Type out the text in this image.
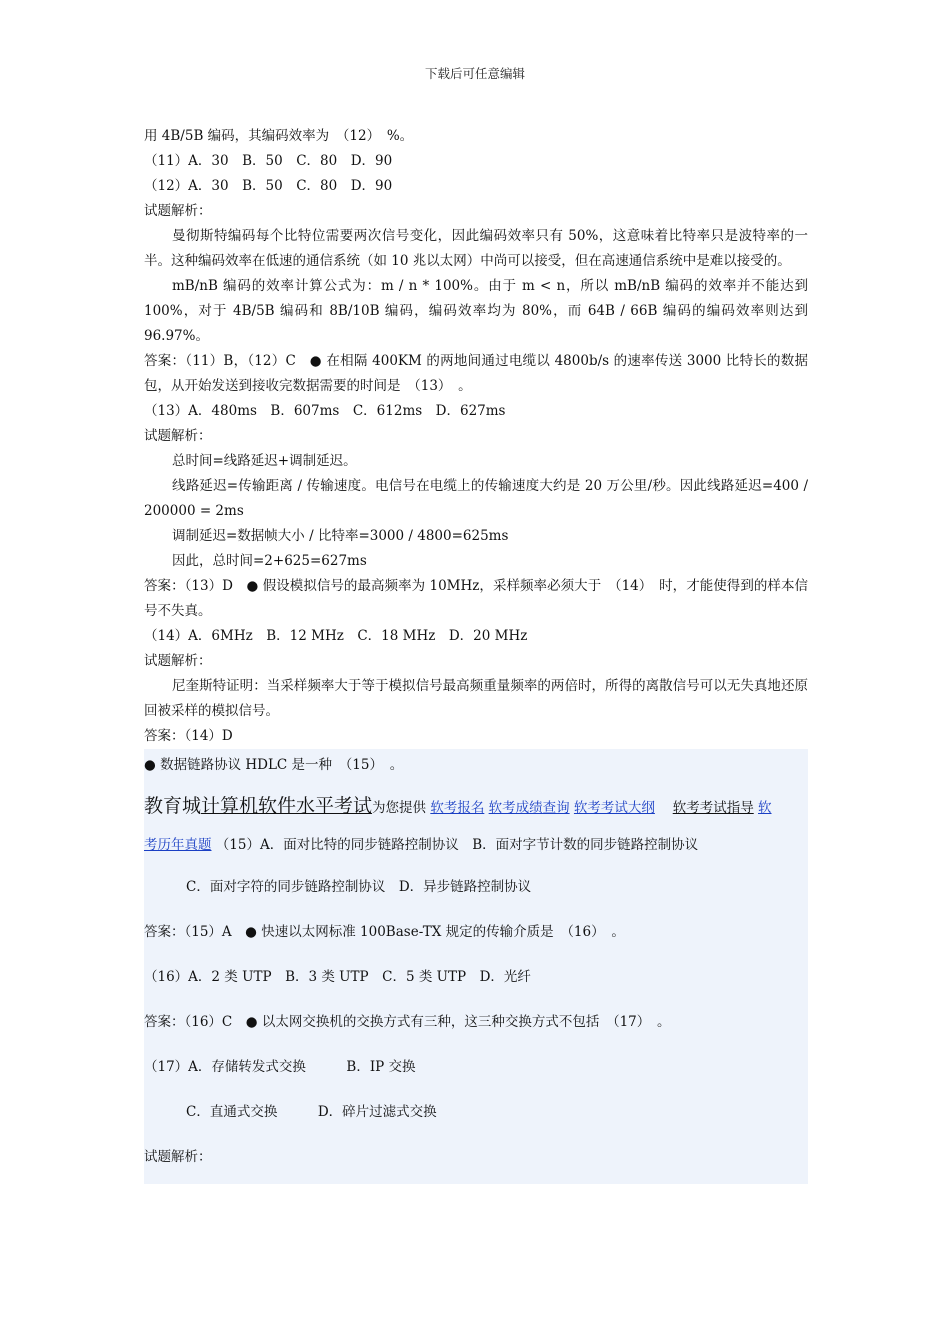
下载后可任意编辑

用 4B/5B 编码，其编码效率为　（12）　%。

（11）A．30　B．50　C．80　D．90

（12）A．30　B．50　C．80　D．90

试题解析：

曼彻斯特编码每个比特位需要两次信号变化，因此编码效率只有 50%，这意味着比特率只是波特率的一半。这种编码效率在低速的通信系统（如 10 兆以太网）中尚可以接受，但在高速通信系统中是难以接受的。

mB/nB 编码的效率计算公式为：m / n * 100%。由于 m < n，所以 mB/nB 编码的效率并不能达到 100%，对于 4B/5B 编码和 8B/10B 编码，编码效率均为 80%，而 64B / 66B 编码的编码效率则达到 96.97%。

答案：（11）B，（12）C　● 在相隔 400KM 的两地间通过电缆以 4800b/s 的速率传送 3000 比特长的数据包，从开始发送到接收完数据需要的时间是　（13）　。

（13）A．480ms　B．607ms　C．612ms　D．627ms

试题解析：

总时间=线路延迟+调制延迟。

线路延迟=传输距离 / 传输速度。电信号在电缆上的传输速度大约是 20 万公里/秒。因此线路延迟=400 / 200000 = 2ms

调制延迟=数据帧大小 / 比特率=3000 / 4800=625ms

因此，总时间=2+625=627ms

答案：（13）D　● 假设模拟信号的最高频率为 10MHz，采样频率必须大于　（14）　时，才能使得到的样本信号不失真。

（14）A．6MHz　B．12 MHz　C．18 MHz　D．20 MHz

试题解析：

尼奎斯特证明：当采样频率大于等于模拟信号最高频重量频率的两倍时，所得的离散信号可以无失真地还原回被采样的模拟信号。

答案：（14）D

● 数据链路协议 HDLC 是一种　（15）　。

教育城计算机软件水平考试为您提供 软考报名 软考成绩查询 软考考试大纲　 软考考试指导 软

考历年真题 （15）A．面对比特的同步链路控制协议　B．面对字节计数的同步链路控制协议

C．面对字符的同步链路控制协议　D．异步链路控制协议

答案：（15）A　● 快速以太网标准 100Base-TX 规定的传输介质是　（16）　。

（16）A．2 类 UTP　B．3 类 UTP　C．5 类 UTP　D．光纤

答案：（16）C　● 以太网交换机的交换方式有三种，这三种交换方式不包括　（17）　。

（17）A．存储转发式交换　　　B．IP 交换

C．直通式交换　　　D．碎片过滤式交换

试题解析：
